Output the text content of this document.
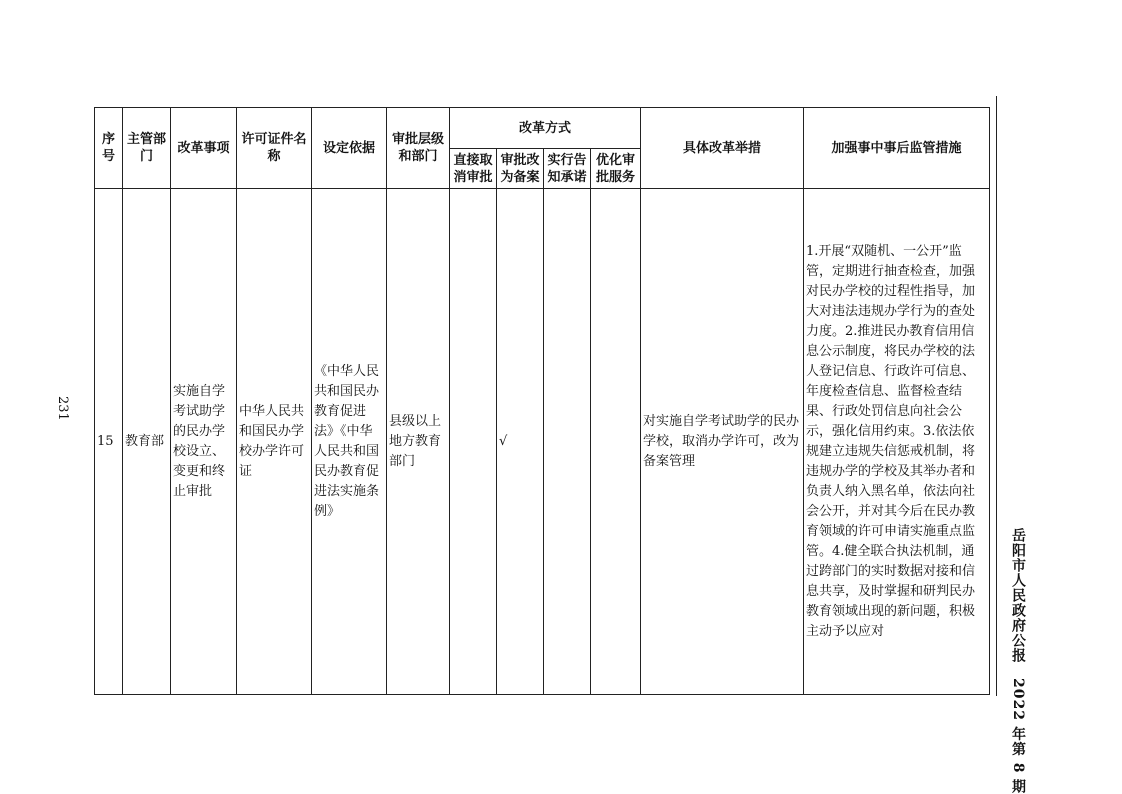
231
岳阳市人民政府公报　2022 年第 8 期
序号	主管部门	改革事项	许可证件名称	设定依据	审批层级和部门	改革方式				具体改革举措	加强事中事后监管措施
						直接取消审批	审批改为备案	实行告知承诺	优化审批服务		
15	教育部	实施自学考试助学的民办学校设立、变更和终止审批	中华人民共和国民办学校办学许可证	《中华人民共和国民办教育促进法》《中华人民共和国民办教育促进法实施条例》	县级以上地方教育部门		√			对实施自学考试助学的民办学校，取消办学许可，改为备案管理	1.开展“双随机、一公开”监管，定期进行抽查检查，加强对民办学校的过程性指导，加大对违法违规办学行为的查处力度。2.推进民办教育信用信息公示制度，将民办学校的法人登记信息、行政许可信息、年度检查信息、监督检查结果、行政处罚信息向社会公示，强化信用约束。3.依法依规建立违规失信惩戒机制，将违规办学的学校及其举办者和负责人纳入黑名单，依法向社会公开，并对其今后在民办教育领域的许可申请实施重点监管。4.健全联合执法机制，通过跨部门的实时数据对接和信息共享，及时掌握和研判民办教育领域出现的新问题，积极主动予以应对
